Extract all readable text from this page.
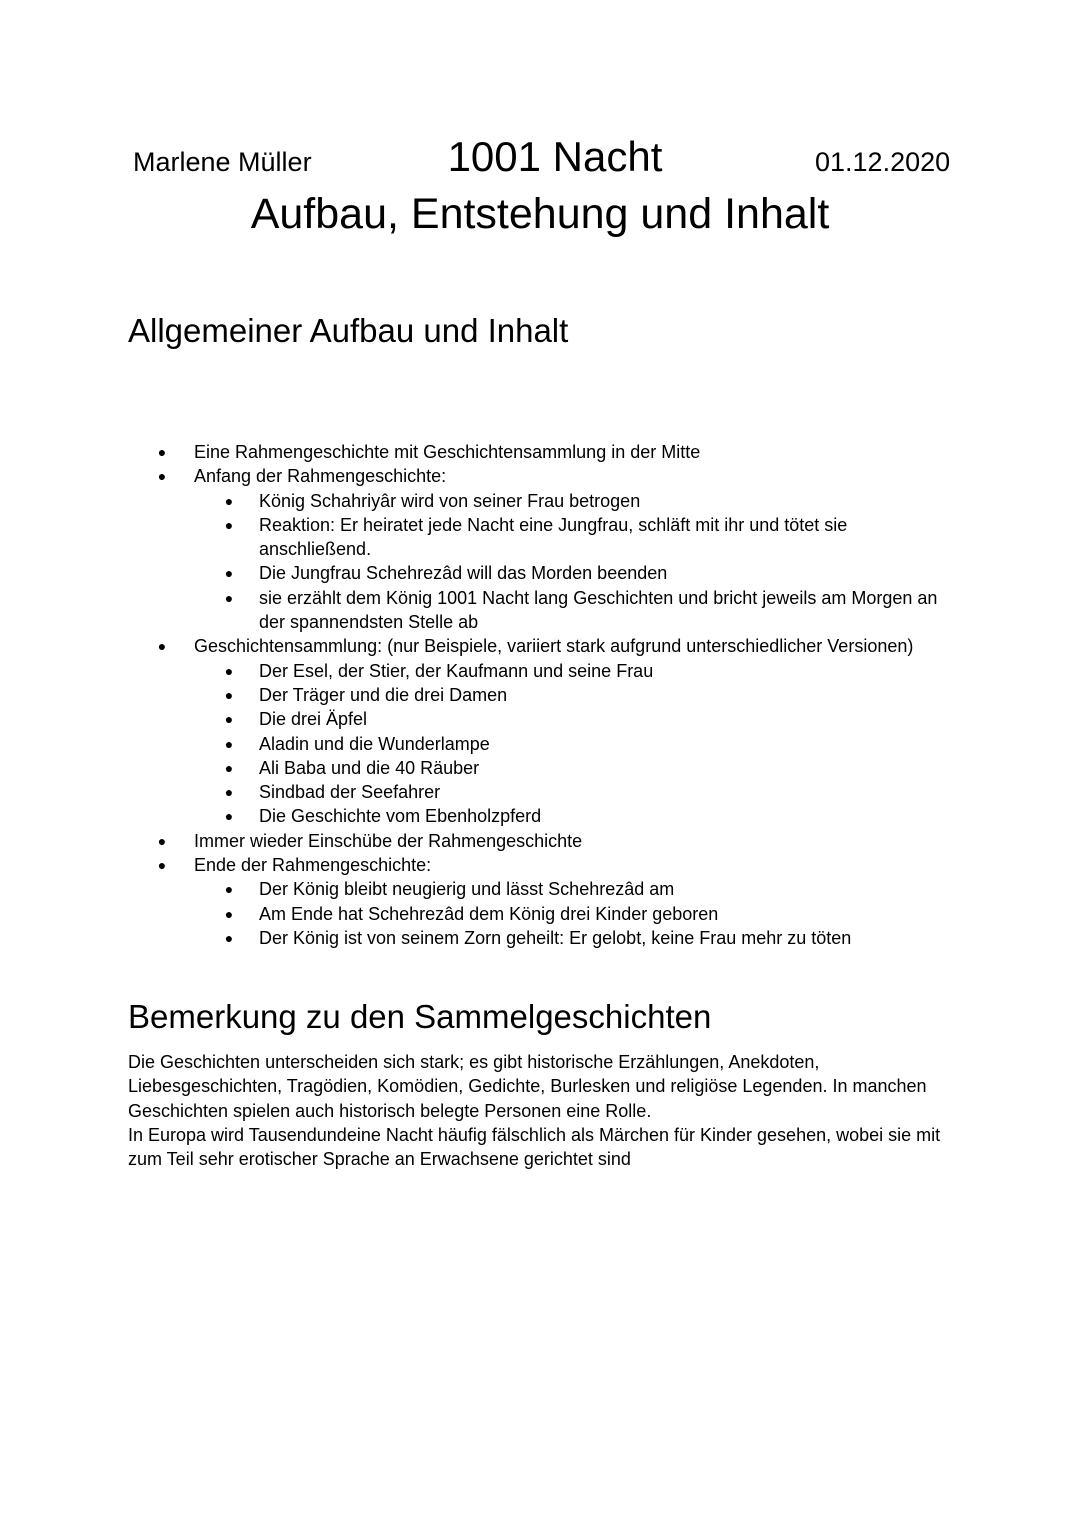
Marlene Müller	1001 Nacht	01.12.2020
Aufbau, Entstehung und Inhalt
Allgemeiner Aufbau und Inhalt
● Eine Rahmengeschichte mit Geschichtensammlung in der Mitte
● Anfang der Rahmengeschichte:
● König Schahriyâr wird von seiner Frau betrogen
● Reaktion: Er heiratet jede Nacht eine Jungfrau, schläft mit ihr und tötet sie anschließend.
● Die Jungfrau Schehrezâd will das Morden beenden
● sie erzählt dem König 1001 Nacht lang Geschichten und bricht jeweils am Morgen an der spannendsten Stelle ab
● Geschichtensammlung: (nur Beispiele, variiert stark aufgrund unterschiedlicher Versionen)
● Der Esel, der Stier, der Kaufmann und seine Frau
● Der Träger und die drei Damen
● Die drei Äpfel
● Aladin und die Wunderlampe
● Ali Baba und die 40 Räuber
● Sindbad der Seefahrer
● Die Geschichte vom Ebenholzpferd
● Immer wieder Einschübe der Rahmengeschichte
● Ende der Rahmengeschichte:
● Der König bleibt neugierig und lässt Schehrezâd am
● Am Ende hat Schehrezâd dem König drei Kinder geboren
● Der König ist von seinem Zorn geheilt: Er gelobt, keine Frau mehr zu töten
Bemerkung zu den Sammelgeschichten

Die Geschichten unterscheiden sich stark; es gibt historische Erzählungen, Anekdoten, Liebesgeschichten, Tragödien, Komödien, Gedichte, Burlesken und religiöse Legenden. In manchen Geschichten spielen auch historisch belegte Personen eine Rolle.

In Europa wird Tausendundeine Nacht häufig fälschlich als Märchen für Kinder gesehen, wobei sie mit zum Teil sehr erotischer Sprache an Erwachsene gerichtet sind
